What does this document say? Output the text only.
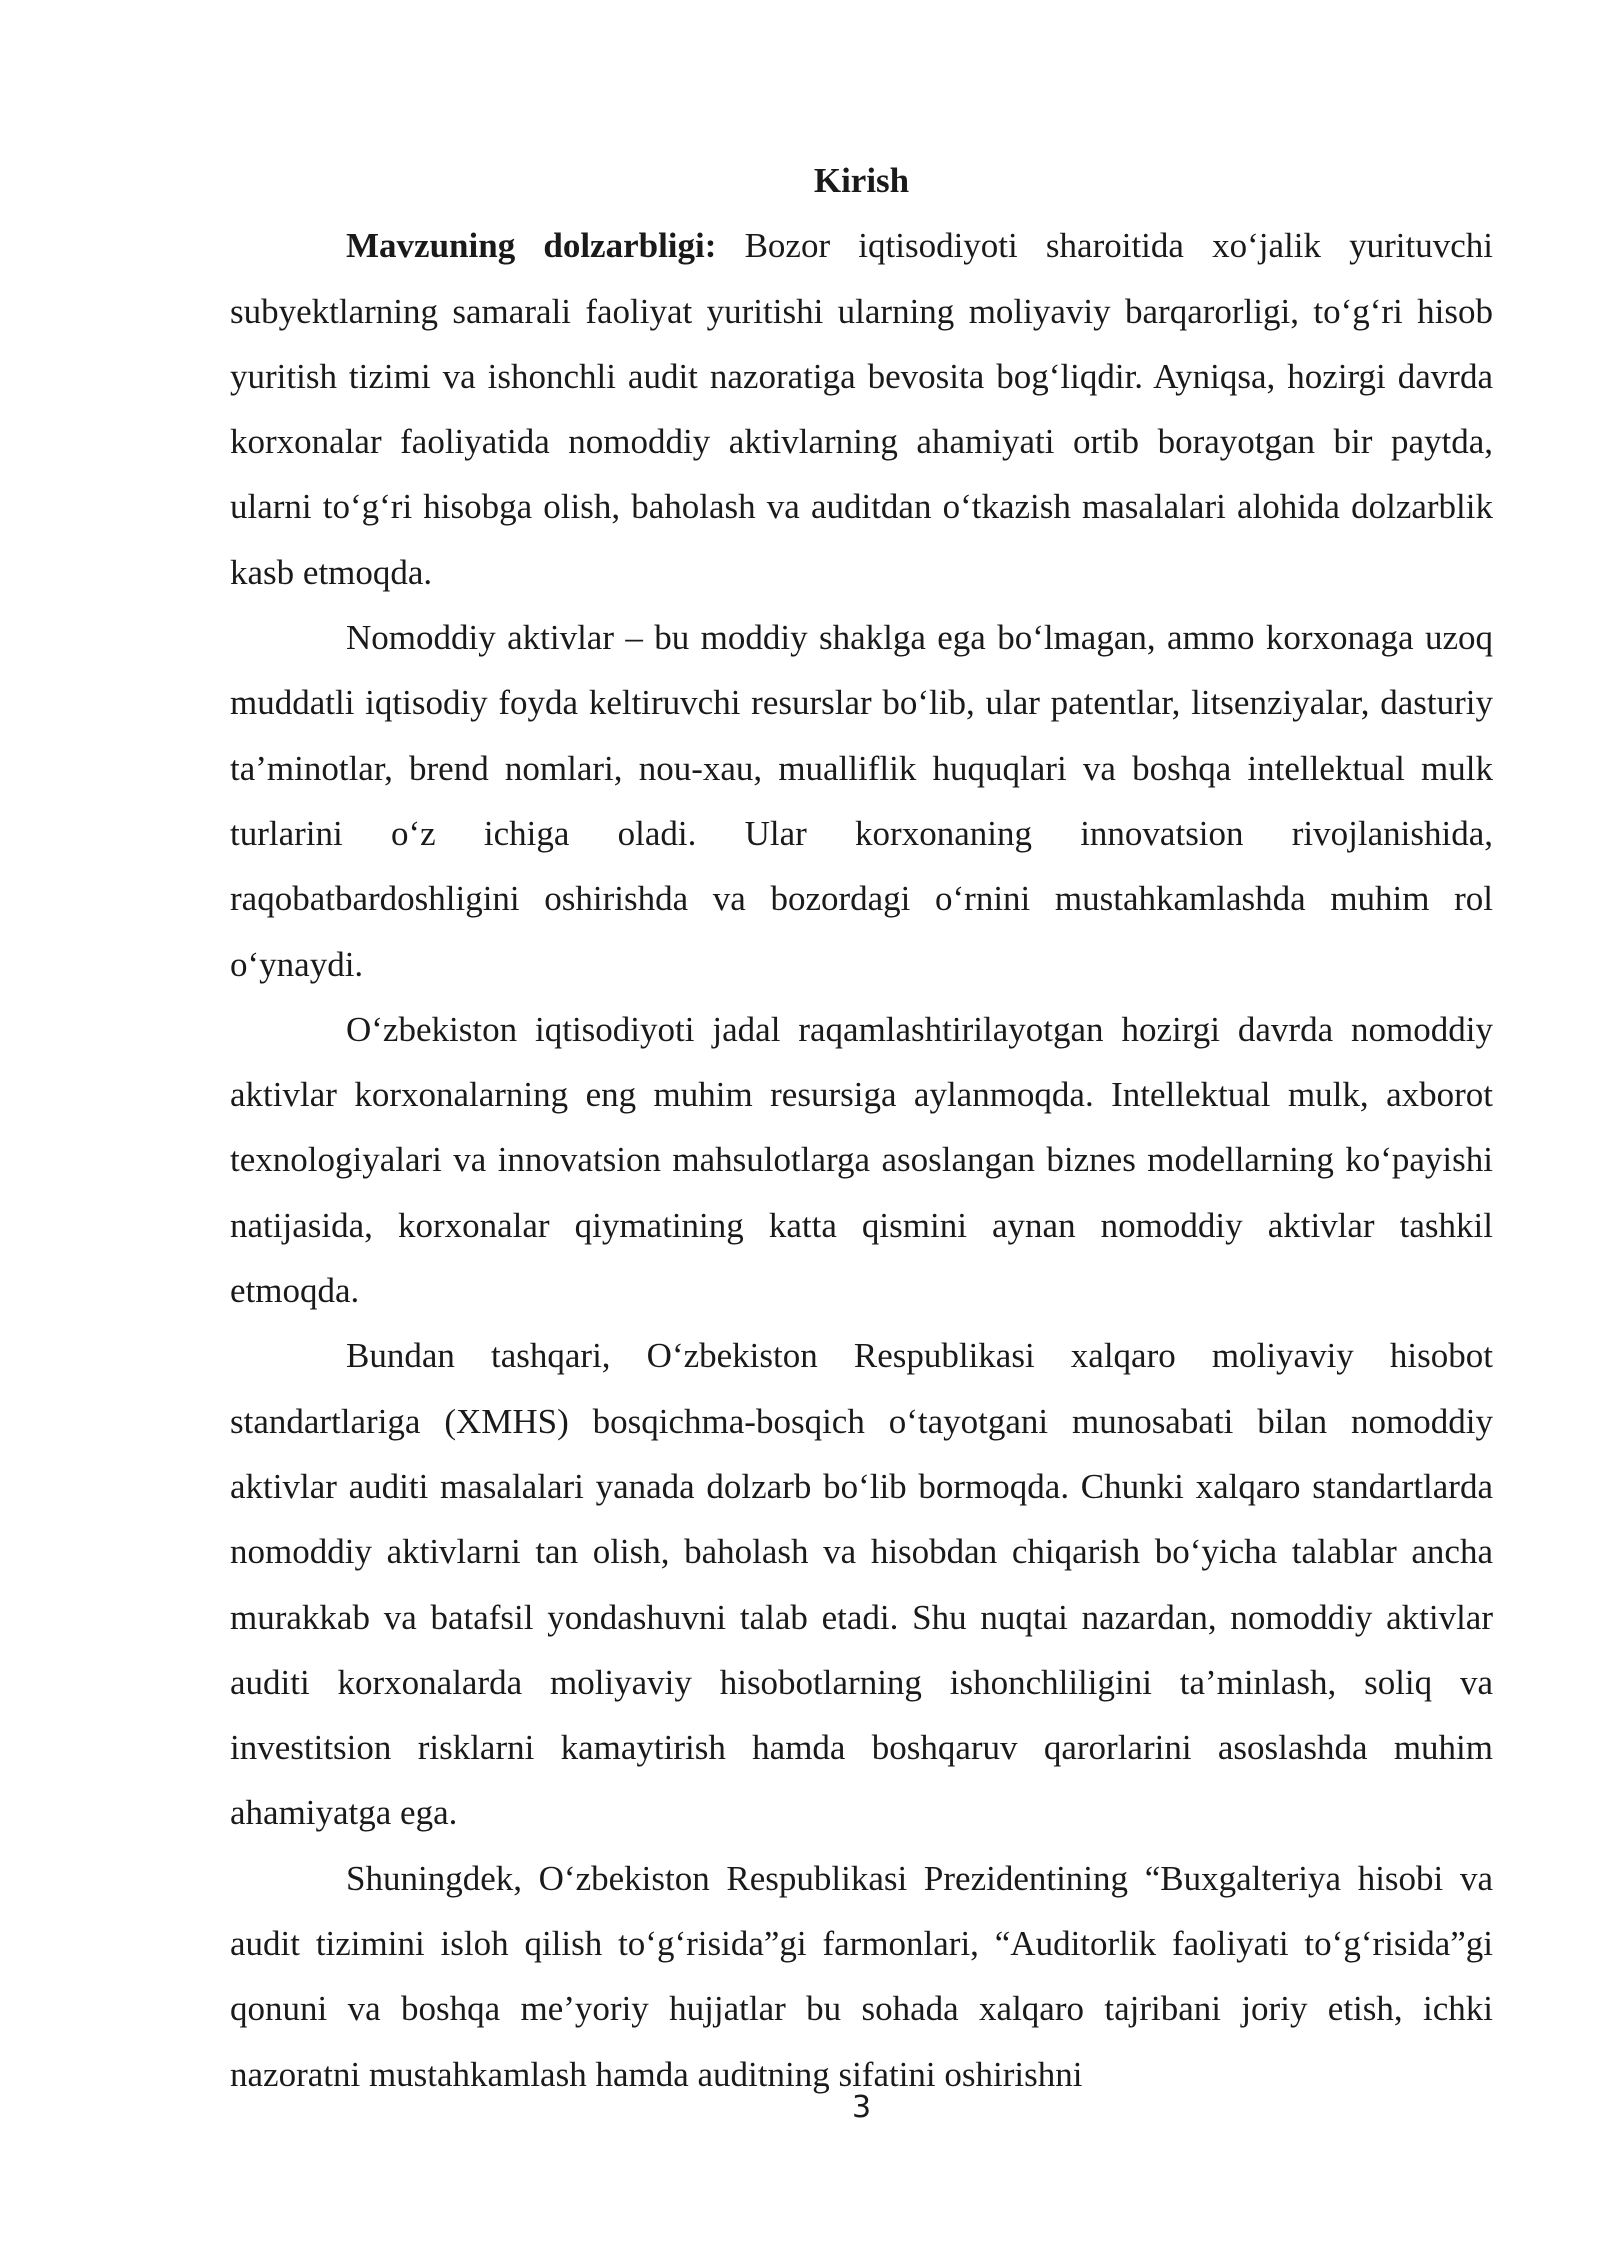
Kirish

Mavzuning dolzarbligi: Bozor iqtisodiyoti sharoitida xo‘jalik yurituvchi subyektlarning samarali faoliyat yuritishi ularning moliyaviy barqarorligi, to‘g‘ri hisob yuritish tizimi va ishonchli audit nazoratiga bevosita bog‘liqdir. Ayniqsa, hozirgi davrda korxonalar faoliyatida nomoddiy aktivlarning ahamiyati ortib borayotgan bir paytda, ularni to‘g‘ri hisobga olish, baholash va auditdan o‘tkazish masalalari alohida dolzarblik kasb etmoqda.

Nomoddiy aktivlar – bu moddiy shaklga ega bo‘lmagan, ammo korxonaga uzoq muddatli iqtisodiy foyda keltiruvchi resurslar bo‘lib, ular patentlar, litsenziyalar, dasturiy ta’minotlar, brend nomlari, nou-xau, mualliflik huquqlari va boshqa intellektual mulk turlarini o‘z ichiga oladi. Ular korxonaning innovatsion rivojlanishida, raqobatbardoshligini oshirishda va bozordagi o‘rnini mustahkamlashda muhim rol o‘ynaydi.

O‘zbekiston iqtisodiyoti jadal raqamlashtirilayotgan hozirgi davrda nomoddiy aktivlar korxonalarning eng muhim resursiga aylanmoqda. Intellektual mulk, axborot texnologiyalari va innovatsion mahsulotlarga asoslangan biznes modellarning ko‘payishi natijasida, korxonalar qiymatining katta qismini aynan nomoddiy aktivlar tashkil etmoqda.

Bundan tashqari, O‘zbekiston Respublikasi xalqaro moliyaviy hisobot standartlariga (XMHS) bosqichma-bosqich o‘tayotgani munosabati bilan nomoddiy aktivlar auditi masalalari yanada dolzarb bo‘lib bormoqda. Chunki xalqaro standartlarda nomoddiy aktivlarni tan olish, baholash va hisobdan chiqarish bo‘yicha talablar ancha murakkab va batafsil yondashuvni talab etadi. Shu nuqtai nazardan, nomoddiy aktivlar auditi korxonalarda moliyaviy hisobotlarning ishonchliligini ta’minlash, soliq va investitsion risklarni kamaytirish hamda boshqaruv qarorlarini asoslashda muhim ahamiyatga ega.

Shuningdek, O‘zbekiston Respublikasi Prezidentining “Buxgalteriya hisobi va audit tizimini isloh qilish to‘g‘risida”gi farmonlari, “Auditorlik faoliyati to‘g‘risida”gi qonuni va boshqa me’yoriy hujjatlar bu sohada xalqaro tajribani joriy etish, ichki nazoratni mustahkamlash hamda auditning sifatini oshirishni

3
